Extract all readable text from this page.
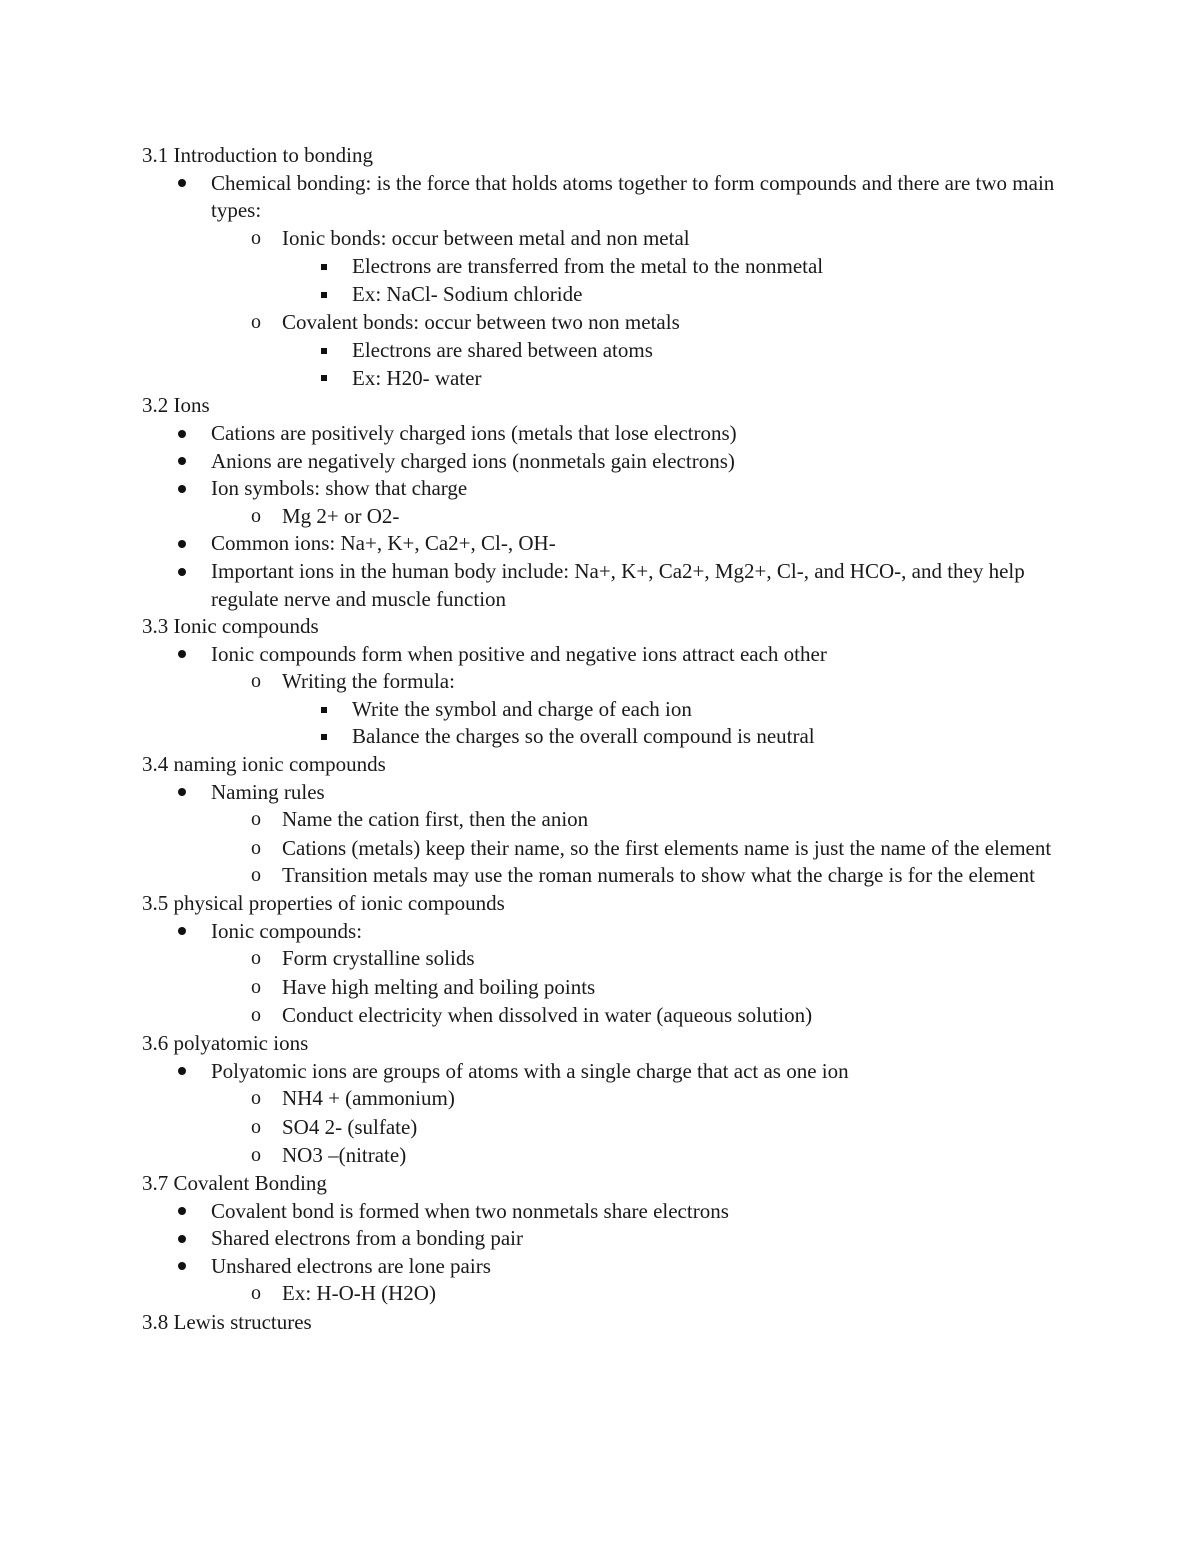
3.1 Introduction to bonding
Chemical bonding: is the force that holds atoms together to form compounds and there are two main types:
o Ionic bonds: occur between metal and non metal
Electrons are transferred from the metal to the nonmetal
Ex: NaCl- Sodium chloride
o Covalent bonds: occur between two non metals
Electrons are shared between atoms
Ex: H20- water
3.2 Ions
Cations are positively charged ions (metals that lose electrons)
Anions are negatively charged ions (nonmetals gain electrons)
Ion symbols: show that charge
o Mg 2+ or O2-
Common ions: Na+, K+, Ca2+, Cl-, OH-
Important ions in the human body include: Na+, K+, Ca2+, Mg2+, Cl-, and HCO-, and they help regulate nerve and muscle function
3.3 Ionic compounds
Ionic compounds form when positive and negative ions attract each other
o Writing the formula:
Write the symbol and charge of each ion
Balance the charges so the overall compound is neutral
3.4 naming ionic compounds
Naming rules
o Name the cation first, then the anion
o Cations (metals) keep their name, so the first elements name is just the name of the element
o Transition metals may use the roman numerals to show what the charge is for the element
3.5 physical properties of ionic compounds
Ionic compounds:
o Form crystalline solids
o Have high melting and boiling points
o Conduct electricity when dissolved in water (aqueous solution)
3.6 polyatomic ions
Polyatomic ions are groups of atoms with a single charge that act as one ion
o NH4 + (ammonium)
o SO4 2- (sulfate)
o NO3 –(nitrate)
3.7 Covalent Bonding
Covalent bond is formed when two nonmetals share electrons
Shared electrons from a bonding pair
Unshared electrons are lone pairs
o Ex: H-O-H (H2O)
3.8 Lewis structures
